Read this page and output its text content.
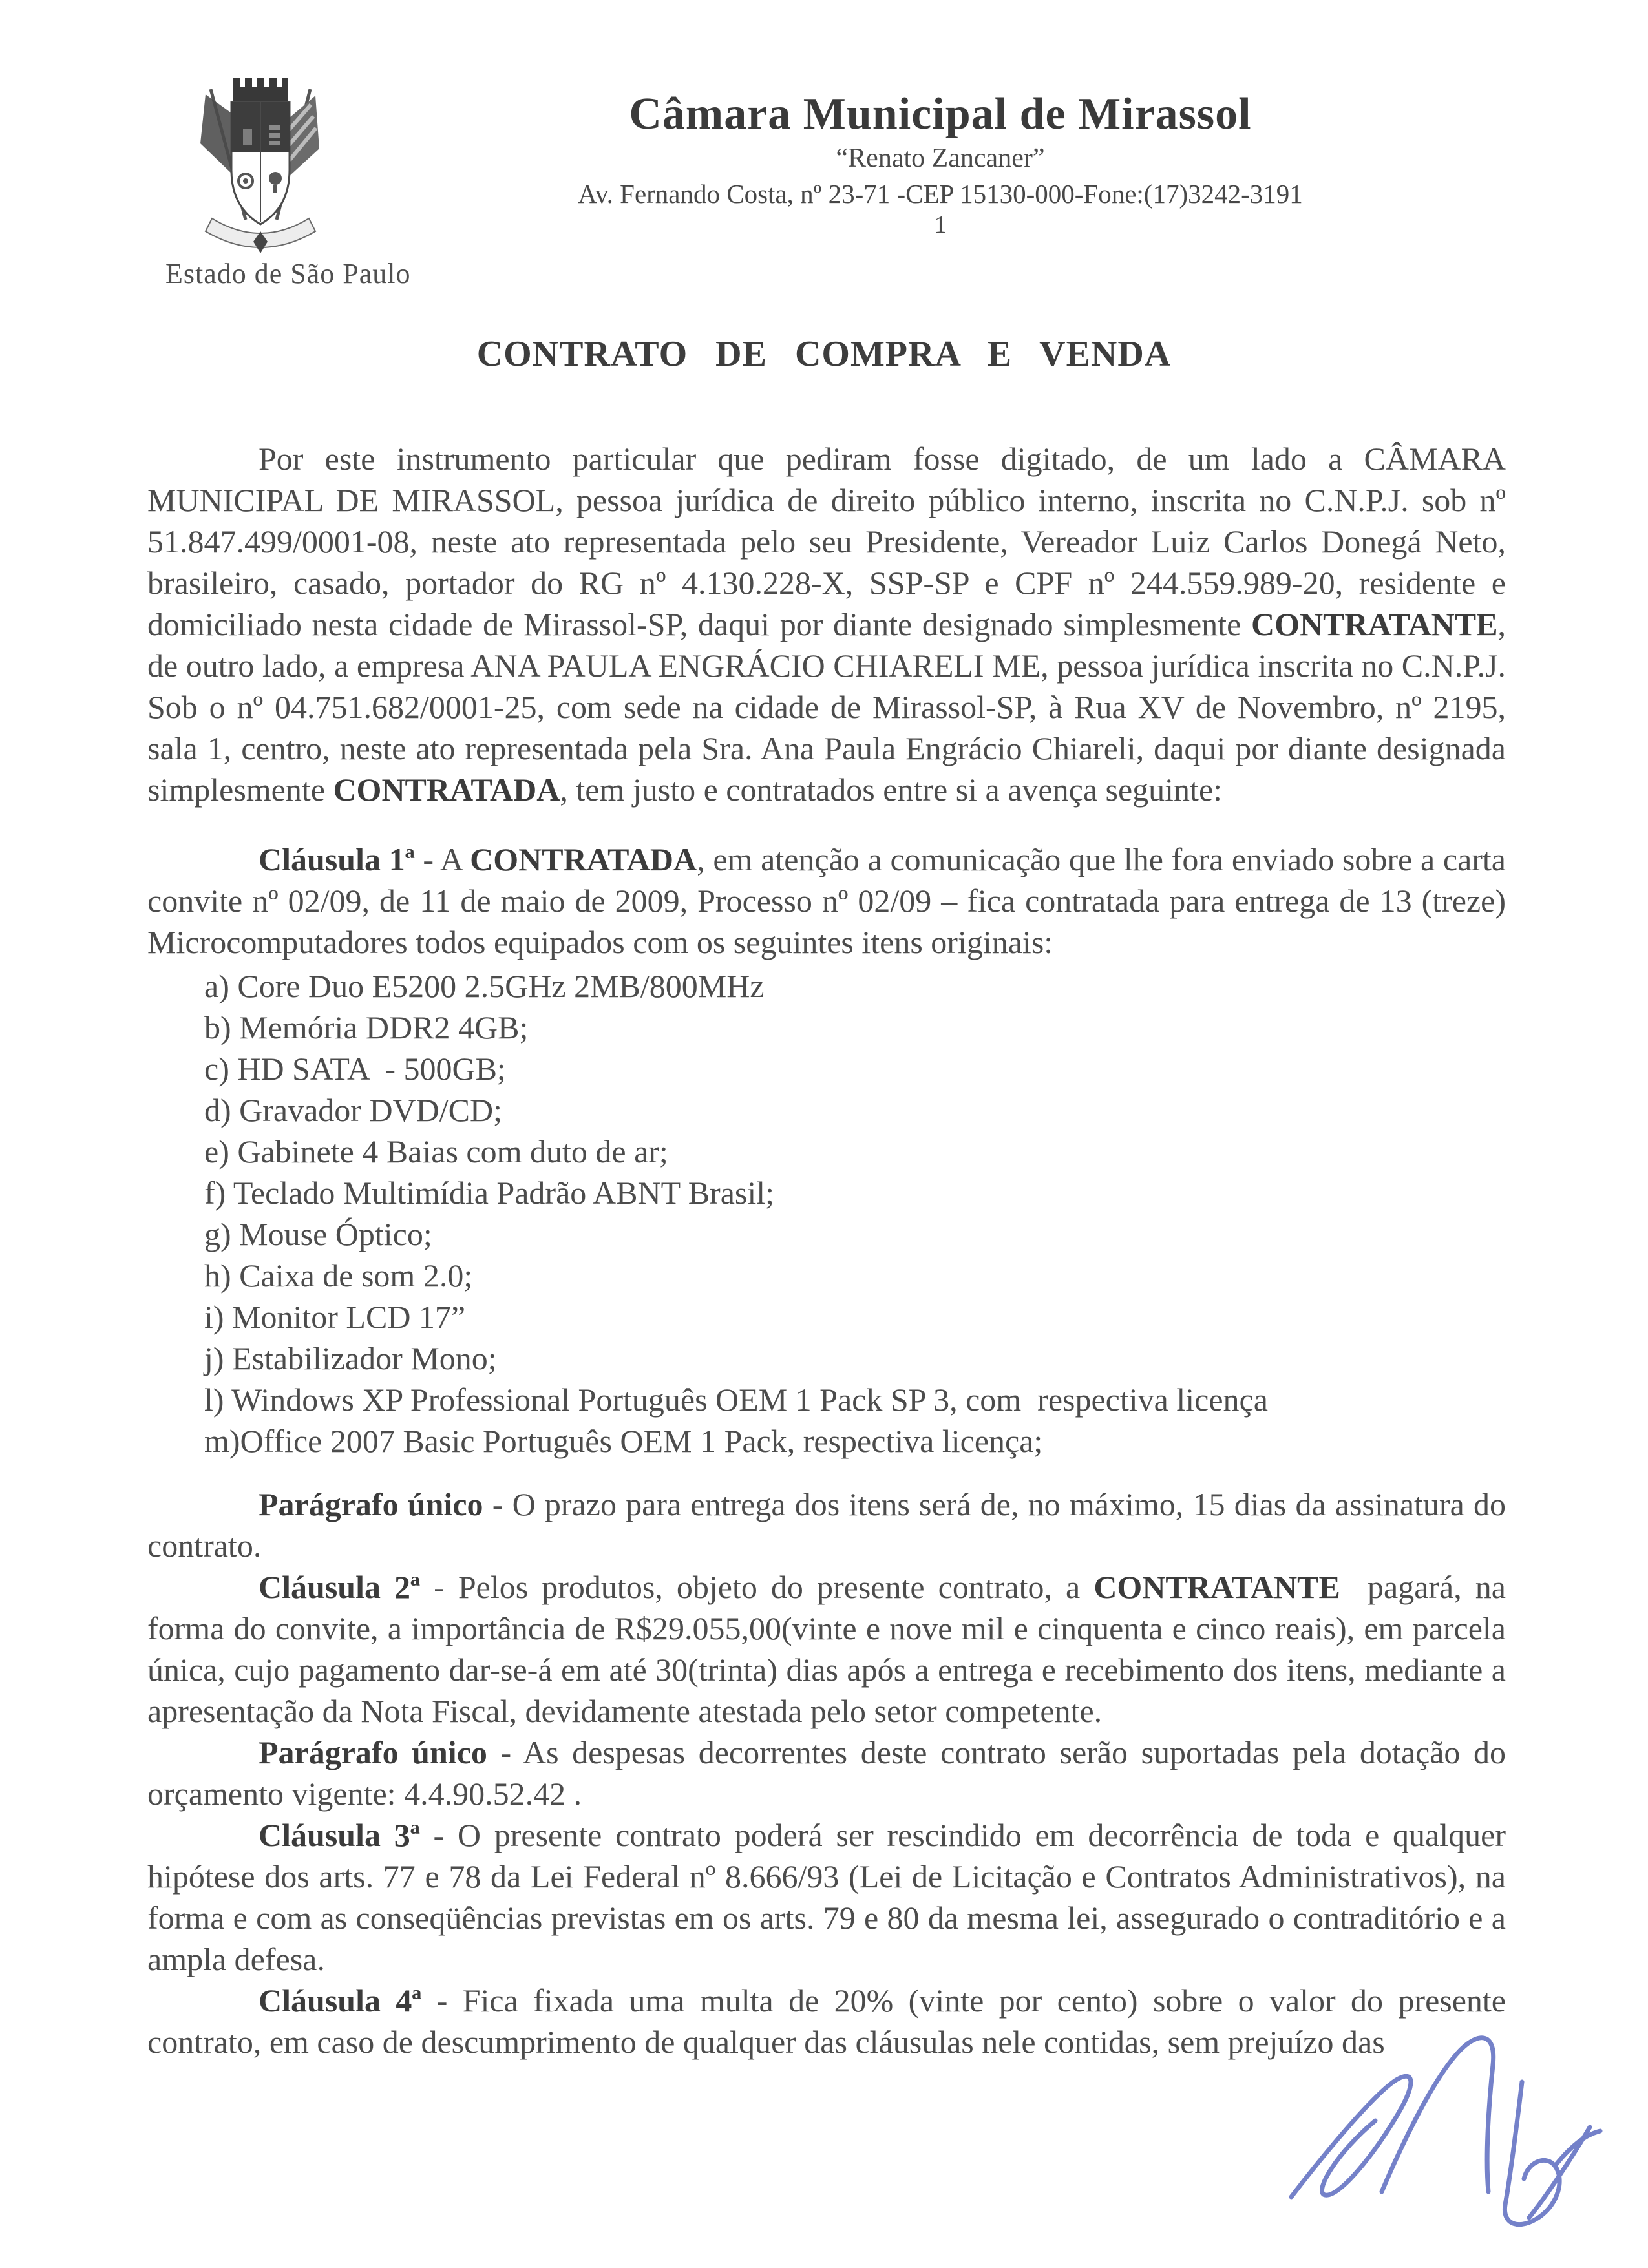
Estado de São Paulo
Câmara Municipal de Mirassol
“Renato Zancaner”
Av. Fernando Costa, nº 23-71 -CEP 15130-000-Fone:(17)3242-3191
1
CONTRATO DE COMPRA E VENDA

Por este instrumento particular que pediram fosse digitado, de um lado a CÂMARA MUNICIPAL DE MIRASSOL, pessoa jurídica de direito público interno, inscrita no C.N.P.J. sob nº 51.847.499/0001-08, neste ato representada pelo seu Presidente, Vereador Luiz Carlos Donegá Neto, brasileiro, casado, portador do RG nº 4.130.228-X, SSP-SP e CPF nº 244.559.989-20, residente e domiciliado nesta cidade de Mirassol-SP, daqui por diante designado simplesmente CONTRATANTE, de outro lado, a empresa ANA PAULA ENGRÁCIO CHIARELI ME, pessoa jurídica inscrita no C.N.P.J. Sob o nº 04.751.682/0001-25, com sede na cidade de Mirassol-SP, à Rua XV de Novembro, nº 2195, sala 1, centro, neste ato representada pela Sra. Ana Paula Engrácio Chiareli, daqui por diante designada simplesmente CONTRATADA, tem justo e contratados entre si a avença seguinte:

Cláusula 1ª - A CONTRATADA, em atenção a comunicação que lhe fora enviado sobre a carta convite nº 02/09, de 11 de maio de 2009, Processo nº 02/09 – fica contratada para entrega de 13 (treze) Microcomputadores todos equipados com os seguintes itens originais:

a) Core Duo E5200 2.5GHz 2MB/800MHz
b) Memória DDR2 4GB;
c) HD SATA  - 500GB;
d) Gravador DVD/CD;
e) Gabinete 4 Baias com duto de ar;
f) Teclado Multimídia Padrão ABNT Brasil;
g) Mouse Óptico;
h) Caixa de som 2.0;
i) Monitor LCD 17”
j) Estabilizador Mono;
l) Windows XP Professional Português OEM 1 Pack SP 3, com  respectiva licença
m)Office 2007 Basic Português OEM 1 Pack, respectiva licença;

Parágrafo único - O prazo para entrega dos itens será de, no máximo, 15 dias da assinatura do contrato.

Cláusula 2ª - Pelos produtos, objeto do presente contrato, a CONTRATANTE  pagará, na forma do convite, a importância de R$29.055,00(vinte e nove mil e cinquenta e cinco reais), em parcela única, cujo pagamento dar-se-á em até 30(trinta) dias após a entrega e recebimento dos itens, mediante a apresentação da Nota Fiscal, devidamente atestada pelo setor competente.

Parágrafo único - As despesas decorrentes deste contrato serão suportadas pela dotação do orçamento vigente: 4.4.90.52.42 .

Cláusula 3ª - O presente contrato poderá ser rescindido em decorrência de toda e qualquer hipótese dos arts. 77 e 78 da Lei Federal nº 8.666/93 (Lei de Licitação e Contratos Administrativos), na forma e com as conseqüências previstas em os arts. 79 e 80 da mesma lei, assegurado o contraditório e a ampla defesa.

Cláusula 4ª - Fica fixada uma multa de 20% (vinte por cento) sobre o valor do presente contrato, em caso de descumprimento de qualquer das cláusulas nele contidas, sem prejuízo das
